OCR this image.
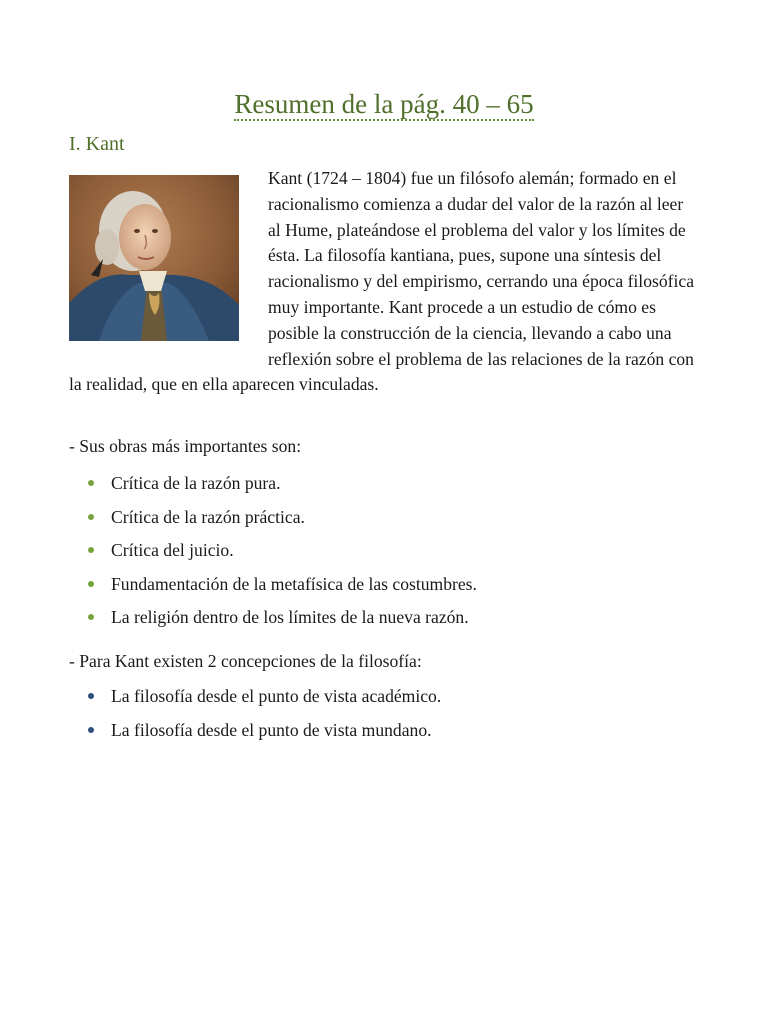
Resumen de la pág. 40 – 65
I. Kant

Kant (1724 – 1804) fue un filósofo alemán; formado en el racionalismo comienza a dudar del valor de la razón al leer al Hume, plateándose el problema del valor y los límites de ésta. La filosofía kantiana, pues, supone una síntesis del racionalismo y del empirismo, cerrando una época filosófica muy importante. Kant procede a un estudio de cómo es posible la construcción de la ciencia, llevando a cabo una reflexión sobre el problema de las relaciones de la razón con la realidad, que en ella aparecen vinculadas.

- Sus obras más importantes son:

Crítica de la razón pura.
Crítica de la razón práctica.
Crítica del juicio.
Fundamentación de la metafísica de las costumbres.
La religión dentro de los límites de la nueva razón.

- Para Kant existen 2 concepciones de la filosofía:

La filosofía desde el punto de vista académico.
La filosofía desde el punto de vista mundano.
